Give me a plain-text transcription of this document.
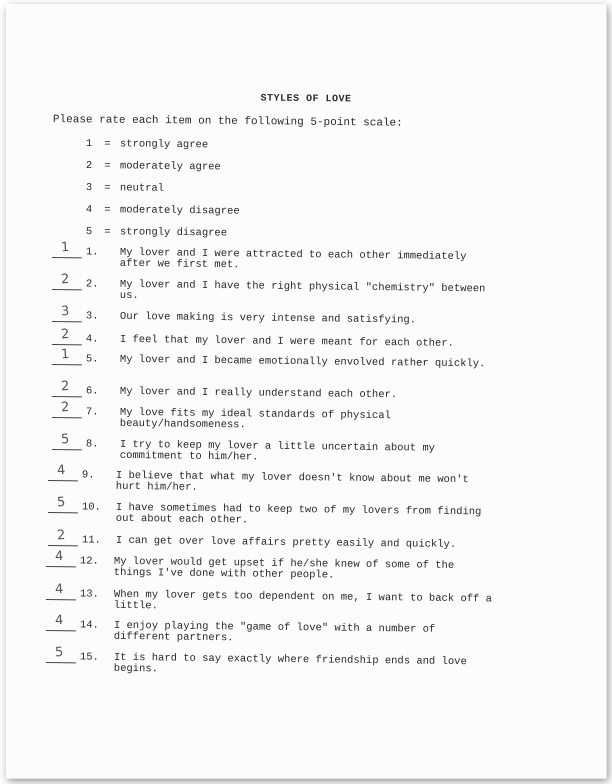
STYLES OF LOVE
Please rate each item on the following 5-point scale:
1 = strongly agree
2 = moderately agree
3 = neutral
4 = moderately disagree
5 = strongly disagree
1 1.	My lover and I were attracted to each other immediately after we first met.
2 2.	My lover and I have the right physical "chemistry" between us.
3 3.	Our love making is very intense and satisfying.
2 4.	I feel that my lover and I were meant for each other.
1 5.	My lover and I became emotionally envolved rather quickly.
2 6.	My lover and I really understand each other.
2 7.	My love fits my ideal standards of physical beauty/handsomeness.
5 8.	I try to keep my lover a little uncertain about my commitment to him/her.
4 9.	I believe that what my lover doesn't know about me won't hurt him/her.
5 10.	I have sometimes had to keep two of my lovers from finding out about each other.
2 11.	I can get over love affairs pretty easily and quickly.
4 12.	My lover would get upset if he/she knew of some of the things I've done with other people.
4 13.	When my lover gets too dependent on me, I want to back off a little.
4 14.	I enjoy playing the "game of love" with a number of different partners.
5 15.	It is hard to say exactly where friendship ends and love begins.
